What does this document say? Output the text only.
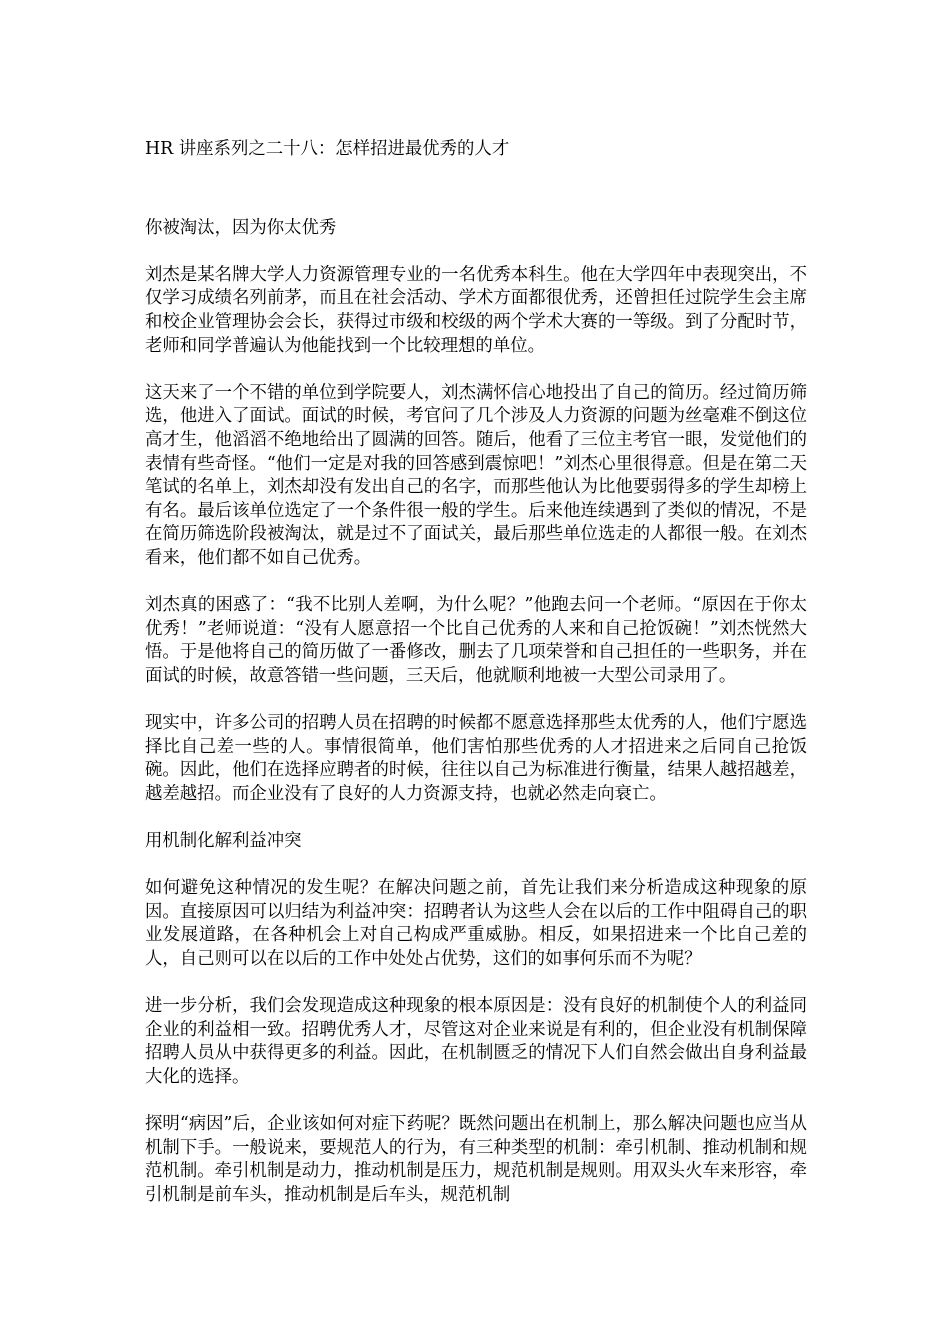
HR 讲座系列之二十八：怎样招进最优秀的人才
你被淘汰，因为你太优秀

刘杰是某名牌大学人力资源管理专业的一名优秀本科生。他在大学四年中表现突出，不仅学习成绩名列前茅，而且在社会活动、学术方面都很优秀，还曾担任过院学生会主席和校企业管理协会会长，获得过市级和校级的两个学术大赛的一等级。到了分配时节，老师和同学普遍认为他能找到一个比较理想的单位。

这天来了一个不错的单位到学院要人，刘杰满怀信心地投出了自己的简历。经过简历筛选，他进入了面试。面试的时候，考官问了几个涉及人力资源的问题为丝毫难不倒这位高才生，他滔滔不绝地给出了圆满的回答。随后，他看了三位主考官一眼，发觉他们的表情有些奇怪。“他们一定是对我的回答感到震惊吧！”刘杰心里很得意。但是在第二天笔试的名单上，刘杰却没有发出自己的名字，而那些他认为比他要弱得多的学生却榜上有名。最后该单位选定了一个条件很一般的学生。后来他连续遇到了类似的情况，不是在简历筛选阶段被淘汰，就是过不了面试关，最后那些单位选走的人都很一般。在刘杰看来，他们都不如自己优秀。

刘杰真的困惑了：“我不比别人差啊，为什么呢？”他跑去问一个老师。“原因在于你太优秀！”老师说道：“没有人愿意招一个比自己优秀的人来和自己抢饭碗！”刘杰恍然大悟。于是他将自己的简历做了一番修改，删去了几项荣誉和自己担任的一些职务，并在面试的时候，故意答错一些问题，三天后，他就顺利地被一大型公司录用了。

现实中，许多公司的招聘人员在招聘的时候都不愿意选择那些太优秀的人，他们宁愿选择比自己差一些的人。事情很简单，他们害怕那些优秀的人才招进来之后同自己抢饭碗。因此，他们在选择应聘者的时候，往往以自己为标准进行衡量，结果人越招越差，越差越招。而企业没有了良好的人力资源支持，也就必然走向衰亡。

用机制化解利益冲突

如何避免这种情况的发生呢？在解决问题之前，首先让我们来分析造成这种现象的原因。直接原因可以归结为利益冲突：招聘者认为这些人会在以后的工作中阻碍自己的职业发展道路，在各种机会上对自己构成严重威胁。相反，如果招进来一个比自己差的人，自己则可以在以后的工作中处处占优势，这们的如事何乐而不为呢？

进一步分析，我们会发现造成这种现象的根本原因是：没有良好的机制使个人的利益同企业的利益相一致。招聘优秀人才，尽管这对企业来说是有利的，但企业没有机制保障招聘人员从中获得更多的利益。因此，在机制匮乏的情况下人们自然会做出自身利益最大化的选择。

探明“病因”后，企业该如何对症下药呢？既然问题出在机制上，那么解决问题也应当从机制下手。一般说来，要规范人的行为，有三种类型的机制：牵引机制、推动机制和规范机制。牵引机制是动力，推动机制是压力，规范机制是规则。用双头火车来形容，牵引机制是前车头，推动机制是后车头，规范机制
